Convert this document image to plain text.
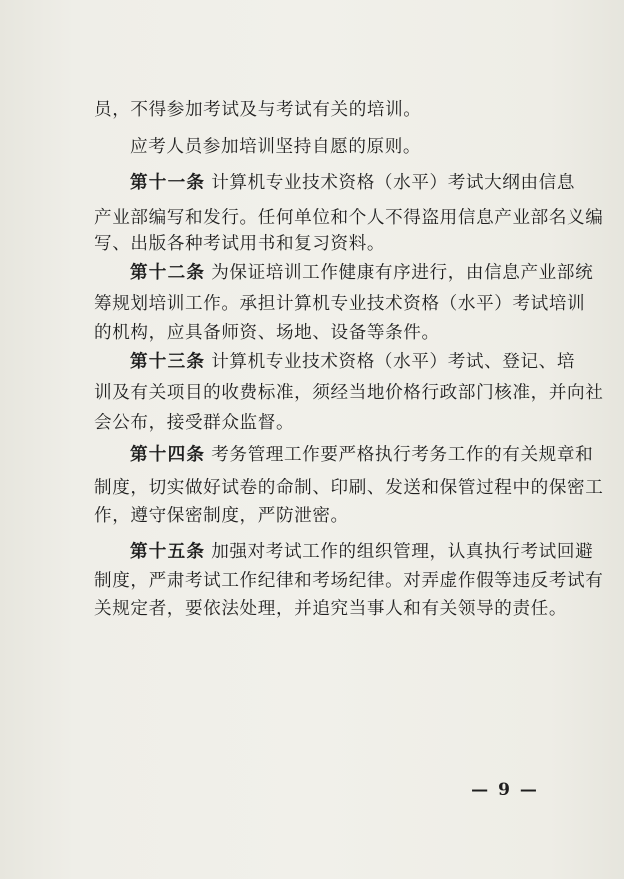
员，不得参加考试及与考试有关的培训。
应考人员参加培训坚持自愿的原则。
第十一条 计算机专业技术资格（水平）考试大纲由信息
产业部编写和发行。任何单位和个人不得盗用信息产业部名义编
写、出版各种考试用书和复习资料。
第十二条 为保证培训工作健康有序进行，由信息产业部统
筹规划培训工作。承担计算机专业技术资格（水平）考试培训
的机构，应具备师资、场地、设备等条件。
第十三条 计算机专业技术资格（水平）考试、登记、培
训及有关项目的收费标准，须经当地价格行政部门核准，并向社
会公布，接受群众监督。
第十四条 考务管理工作要严格执行考务工作的有关规章和
制度，切实做好试卷的命制、印刷、发送和保管过程中的保密工
作，遵守保密制度，严防泄密。
第十五条 加强对考试工作的组织管理，认真执行考试回避
制度，严肃考试工作纪律和考场纪律。对弄虚作假等违反考试有
关规定者，要依法处理，并追究当事人和有关领导的责任。
— 9 —
